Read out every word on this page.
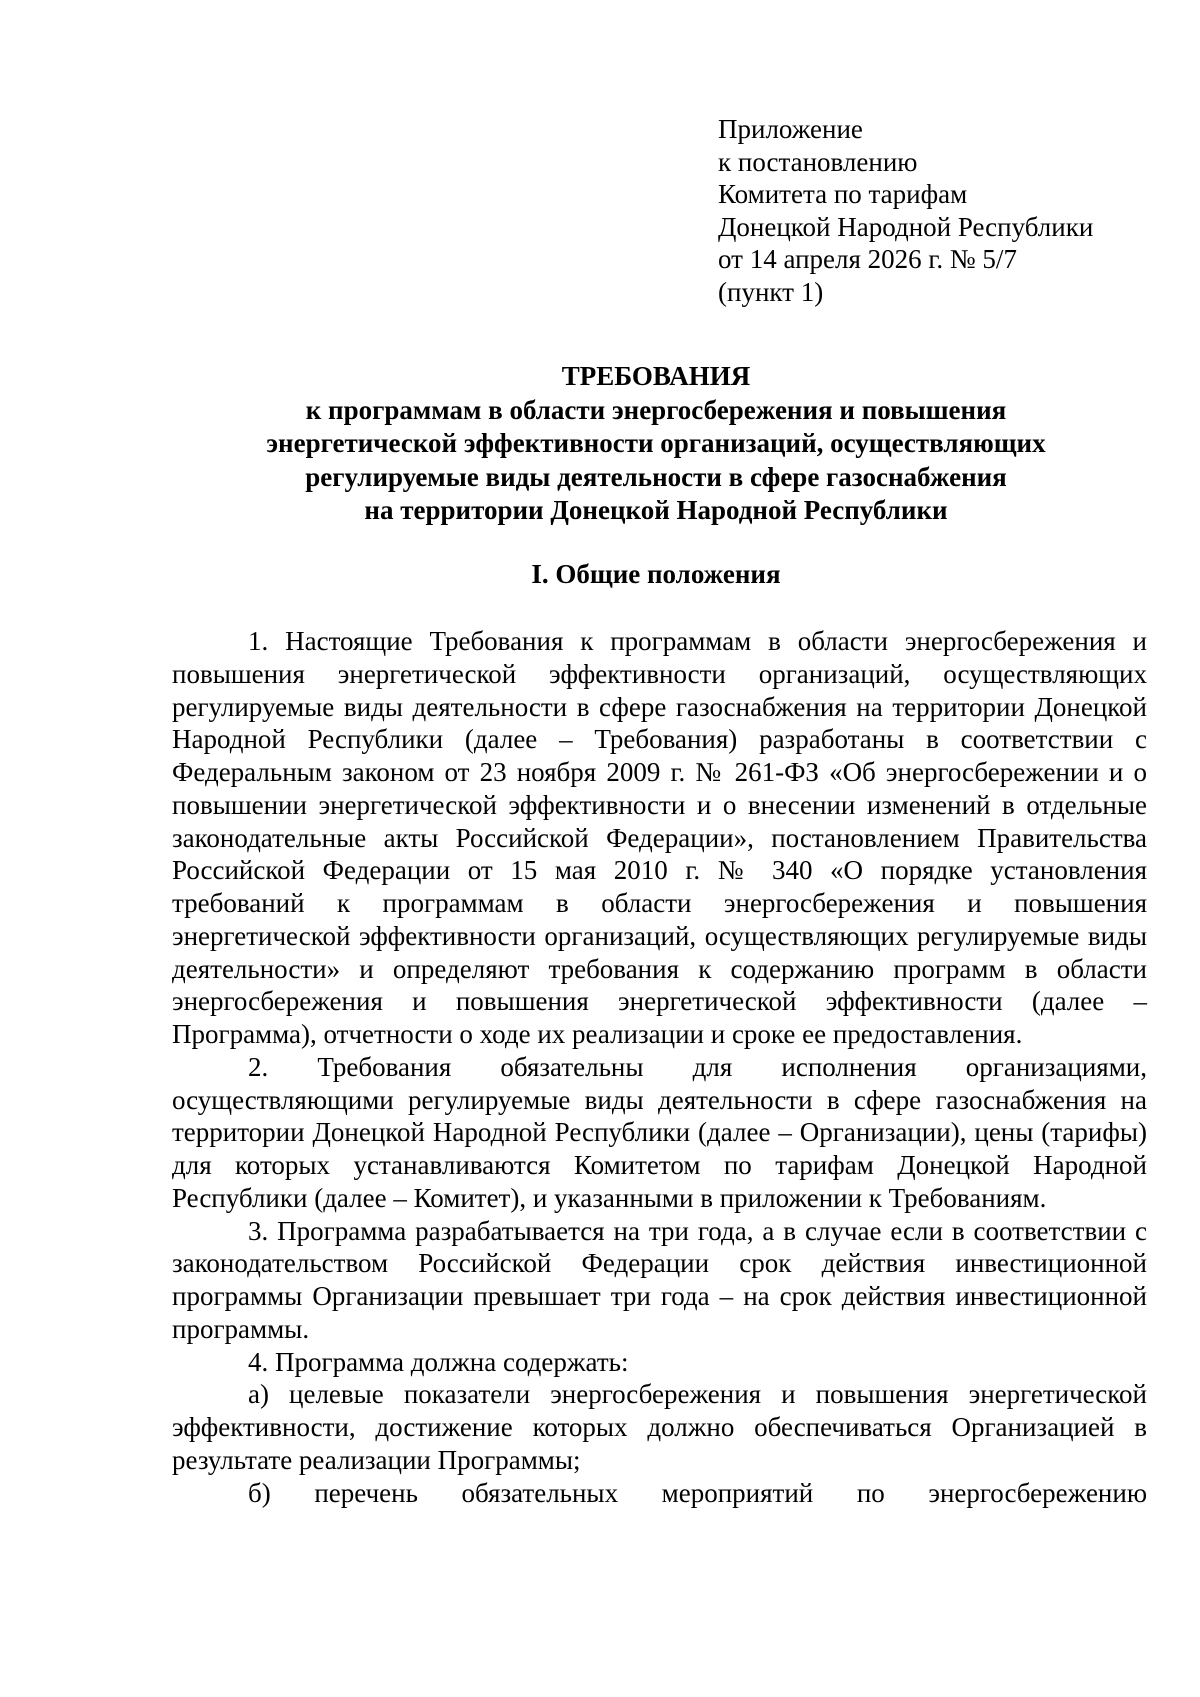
Приложение
к постановлению
Комитета по тарифам
Донецкой Народной Республики
от 14 апреля 2026 г. № 5/7
(пункт 1)
ТРЕБОВАНИЯ
к программам в области энергосбережения и повышения
энергетической эффективности организаций, осуществляющих
регулируемые виды деятельности в сфере газоснабжения
на территории Донецкой Народной Республики
I. Общие положения

1. Настоящие Требования к программам в области энергосбережения и повышения энергетической эффективности организаций, осуществляющих регулируемые виды деятельности в сфере газоснабжения на территории Донецкой Народной Республики (далее – Требования) разработаны в соответствии с Федеральным законом от 23 ноября 2009 г. № 261-ФЗ «Об энергосбережении и о повышении энергетической эффективности и о внесении изменений в отдельные законодательные акты Российской Федерации», постановлением Правительства Российской Федерации от 15 мая 2010 г. № 340 «О порядке установления требований к программам в области энергосбережения и повышения энергетической эффективности организаций, осуществляющих регулируемые виды деятельности» и определяют требования к содержанию программ в области энергосбережения и повышения энергетической эффективности (далее – Программа), отчетности о ходе их реализации и сроке ее предоставления.

2. Требования обязательны для исполнения организациями, осуществляющими регулируемые виды деятельности в сфере газоснабжения на территории Донецкой Народной Республики (далее – Организации), цены (тарифы) для которых устанавливаются Комитетом по тарифам Донецкой Народной Республики (далее – Комитет), и указанными в приложении к Требованиям.

3. Программа разрабатывается на три года, а в случае если в соответствии с законодательством Российской Федерации срок действия инвестиционной программы Организации превышает три года – на срок действия инвестиционной программы.

4. Программа должна содержать:

а) целевые показатели энергосбережения и повышения энергетической эффективности, достижение которых должно обеспечиваться Организацией в результате реализации Программы;

б) перечень обязательных мероприятий по энергосбережению
